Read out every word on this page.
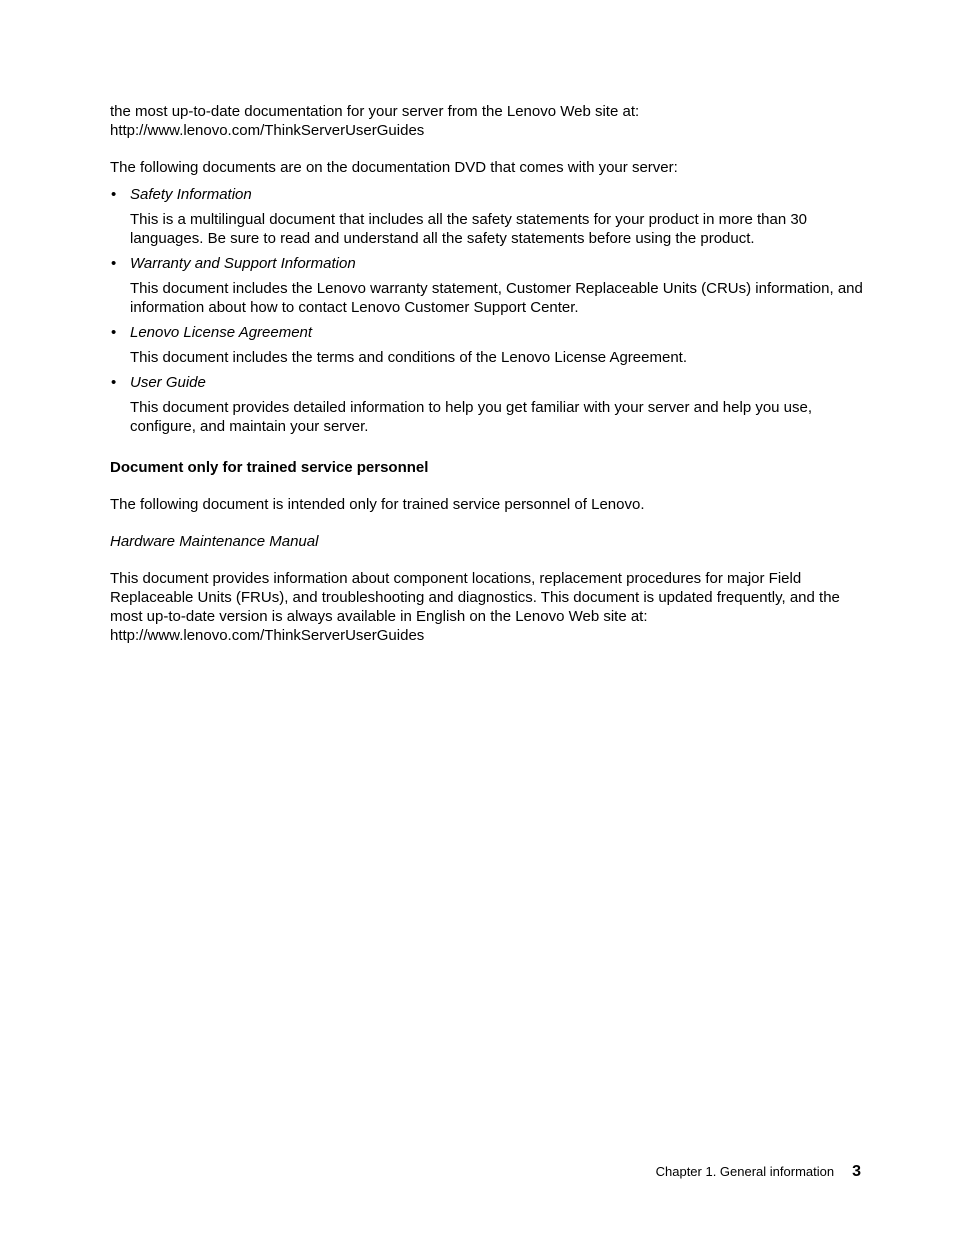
the most up-to-date documentation for your server from the Lenovo Web site at:
http://www.lenovo.com/ThinkServerUserGuides

The following documents are on the documentation DVD that comes with your server:

• Safety Information

This is a multilingual document that includes all the safety statements for your product in more than 30 languages. Be sure to read and understand all the safety statements before using the product.

• Warranty and Support Information

This document includes the Lenovo warranty statement, Customer Replaceable Units (CRUs) information, and information about how to contact Lenovo Customer Support Center.

• Lenovo License Agreement

This document includes the terms and conditions of the Lenovo License Agreement.

• User Guide

This document provides detailed information to help you get familiar with your server and help you use, configure, and maintain your server.

Document only for trained service personnel

The following document is intended only for trained service personnel of Lenovo.

Hardware Maintenance Manual

This document provides information about component locations, replacement procedures for major Field Replaceable Units (FRUs), and troubleshooting and diagnostics. This document is updated frequently, and the most up-to-date version is always available in English on the Lenovo Web site at:
http://www.lenovo.com/ThinkServerUserGuides

Chapter 1. General information 3
